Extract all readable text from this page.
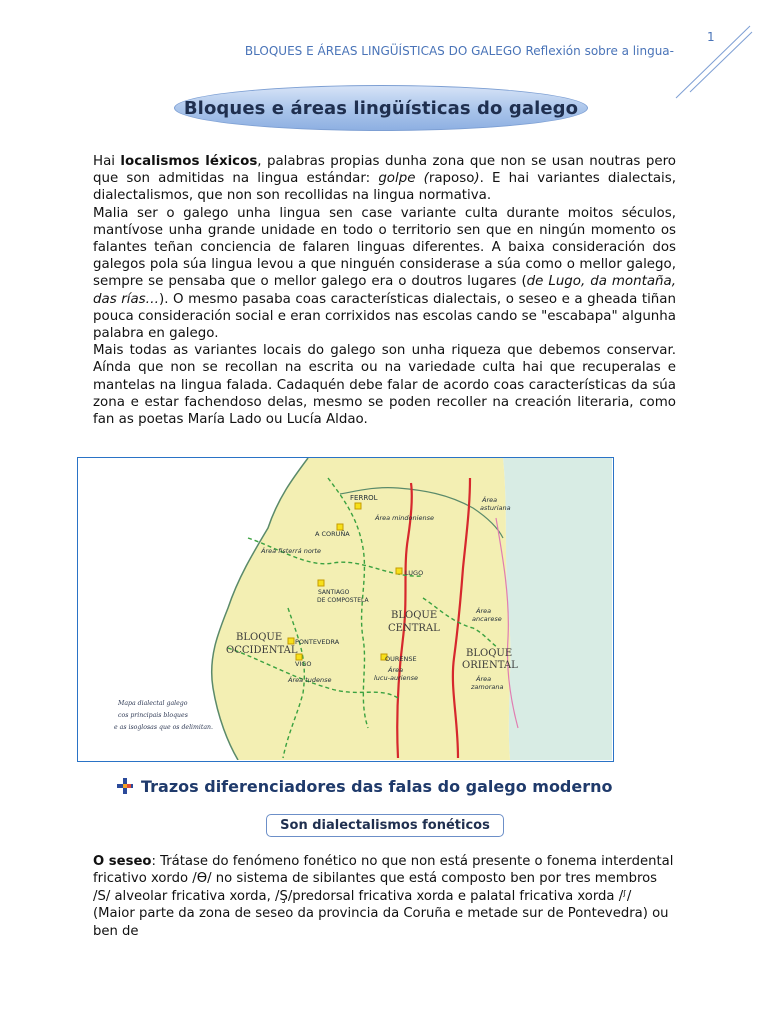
1
BLOQUES E ÁREAS LINGÜÍSTICAS DO GALEGO Reflexión sobre a lingua-
Bloques e áreas lingüísticas do galego

Hai localismos léxicos, palabras propias dunha zona que non se usan noutras pero que son admitidas na lingua estándar: golpe (raposo). E hai variantes dialectais, dialectalismos, que non son recollidas na lingua normativa.

Malia ser o galego unha lingua sen case variante culta durante moitos séculos, mantívose unha grande unidade en todo o territorio sen que en ningún momento os falantes teñan conciencia de falaren linguas diferentes. A baixa consideración dos galegos pola súa lingua levou a que ninguén considerase a súa como o mellor galego, sempre se pensaba que o mellor galego era o doutros lugares (de Lugo, da montaña, das rías…). O mesmo pasaba coas características dialectais, o seseo e a gheada tiñan pouca consideración social e eran corrixidos nas escolas cando se "escabapa" algunha palabra en galego.

Mais todas as variantes locais do galego son unha riqueza que debemos conservar. Aínda que non se recollan na escrita ou na variedade culta hai que recuperalas e mantelas na lingua falada. Cadaquén debe falar de acordo coas características da súa zona e estar fachendoso delas, mesmo se poden recoller na creación literaria, como fan as poetas María Lado ou Lucía Aldao.

FERROL
A CORUÑA
LUGO
SANTIAGO
DE COMPOSTELA
PONTEVEDRA
VIGO
OURENSE
Área mindoniense
Área
asturiana
Área fisterrá norte
Área
ancarese
Área
lucu-auriense
Área tudense	Área
zamorana
BLOQUE
CENTRAL
BLOQUE
OCCIDENTAL	BLOQUE
ORIENTAL
Mapa dialectal galego
cos principais bloques
e as isoglosas que os delimitan.
Trazos diferenciadores das falas do galego moderno
Son dialectalismos fonéticos

O seseo: Trátase do fenómeno fonético no que non está presente o fonema interdental fricativo xordo /Ө/ no sistema de sibilantes que está composto ben por tres membros /S/ alveolar fricativa xorda, /Ş/predorsal fricativa xorda e palatal fricativa xorda /ᶴ/ (Maior parte da zona de seseo da provincia da Coruña e metade sur de Pontevedra) ou ben de
